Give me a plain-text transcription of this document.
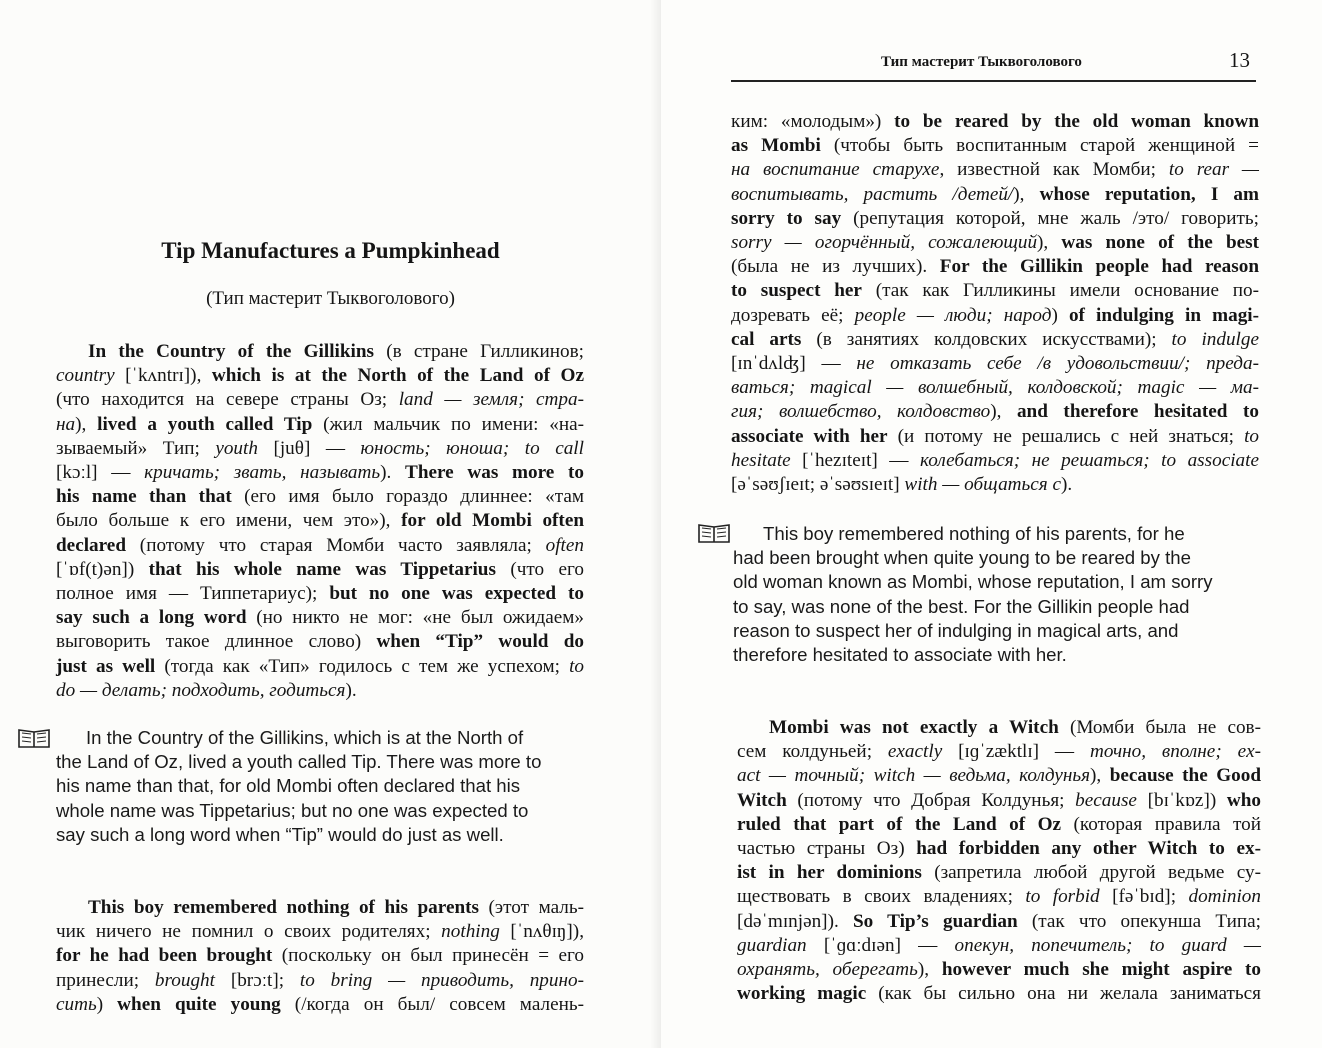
Tip Manufactures a Pumpkinhead
(Тип мастерит Тыквоголового)
In the Country of the Gillikins (в стране Гилликинов;
country [ˈkʌntrɪ]), which is at the North of the Land of Oz
(что находится на севере страны Оз; land — земля; стра-
на), lived a youth called Tip (жил мальчик по имени: «на-
зываемый» Тип; youth [juθ] — юность; юноша; to call
[kɔːl] — кричать; звать, называть). There was more to
his name than that (его имя было гораздо длиннее: «там
было больше к его имени, чем это»), for old Mombi often
declared (потому что старая Момби часто заявляла; often
[ˈɒf(t)ən]) that his whole name was Tippetarius (что его
полное имя — Типпетариус); but no one was expected to
say such a long word (но никто не мог: «не был ожидаем»
выговорить такое длинное слово) when “Tip” would do
just as well (тогда как «Тип» годилось с тем же успехом; to
do — делать; подходить, годиться).
In the Country of the Gillikins, which is at the North of
the Land of Oz, lived a youth called Tip. There was more to
his name than that, for old Mombi often declared that his
whole name was Tippetarius; but no one was expected to
say such a long word when “Tip” would do just as well.
This boy remembered nothing of his parents (этот маль-
чик ничего не помнил о своих родителях; nothing [ˈnʌθɪŋ]),
for he had been brought (поскольку он был принесён = его
принесли; brought [brɔːt]; to bring — приводить, прино-
сить) when quite young (/когда он был/ совсем малень-
Тип мастерит Тыквоголового	13
ким: «молодым») to be reared by the old woman known
as Mombi (чтобы быть воспитанным старой женщиной =
на воспитание старухе, известной как Момби; to rear —
воспитывать, растить /детей/), whose reputation, I am
sorry to say (репутация которой, мне жаль /это/ говорить;
sorry — огорчённый, сожалеющий), was none of the best
(была не из лучших). For the Gillikin people had reason
to suspect her (так как Гилликины имели основание по-
дозревать её; people — люди; народ) of indulging in magi-
cal arts (в занятиях колдовских искусствами); to indulge
[ɪnˈdʌlʤ] — не отказать себе /в удовольствии/; преда-
ваться; magical — волшебный, колдовской; magic — ма-
гия; волшебство, колдовство), and therefore hesitated to
associate with her (и потому не решались с ней знаться; to
hesitate [ˈhezɪteɪt] — колебаться; не решаться; to associate
[əˈsəʊʃɪeɪt; əˈsəʊsɪeɪt] with — общаться с).
This boy remembered nothing of his parents, for he
had been brought when quite young to be reared by the
old woman known as Mombi, whose reputation, I am sorry
to say, was none of the best. For the Gillikin people had
reason to suspect her of indulging in magical arts, and
therefore hesitated to associate with her.
Mombi was not exactly a Witch (Момби была не сов-
сем колдуньей; exactly [ɪɡˈzæktlɪ] — точно, вполне; ex-
act — точный; witch — ведьма, колдунья), because the Good
Witch (потому что Добрая Колдунья; because [bɪˈkɒz]) who
ruled that part of the Land of Oz (которая правила той
частью страны Оз) had forbidden any other Witch to ex-
ist in her dominions (запретила любой другой ведьме су-
ществовать в своих владениях; to forbid [fəˈbɪd]; dominion
[dəˈmɪnjən]). So Tip’s guardian (так что опекунша Типа;
guardian [ˈɡɑːdɪən] — опекун, попечитель; to guard —
охранять, оберегать), however much she might aspire to
working magic (как бы сильно она ни желала заниматься
